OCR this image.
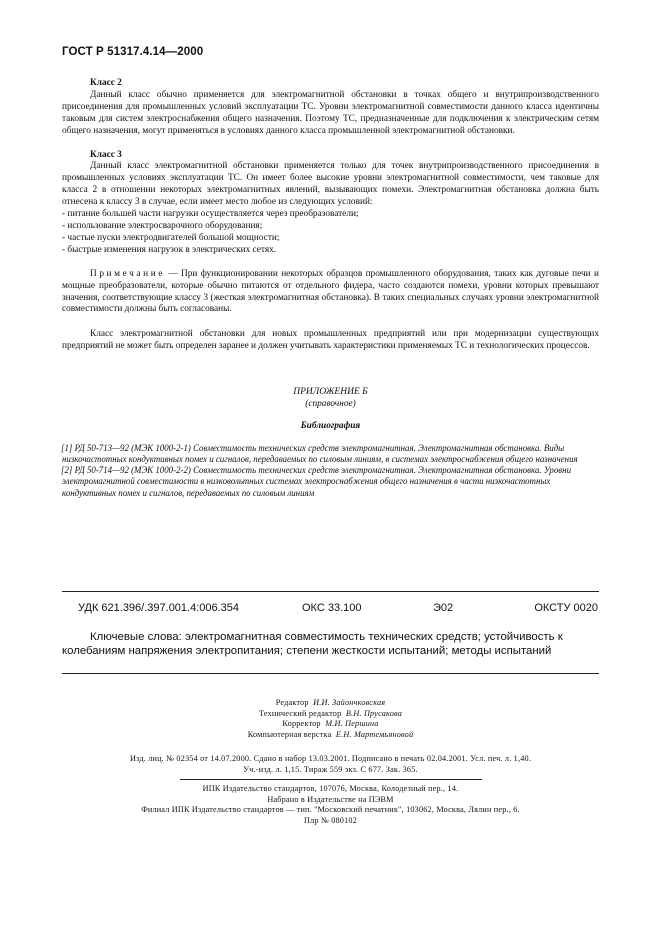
ГОСТ Р 51317.4.14—2000
Класс 2

Данный класс обычно применяется для электромагнитной обстановки в точках общего и внутрипроизводственного присоединения для промышленных условий эксплуатации ТС. Уровни электромагнитной совместимости данного класса идентичны таковым для систем электроснабжения общего назначения. Поэтому ТС, предназначенные для подключения к электрическим сетям общего назначения, могут применяться в условиях данного класса промышленной электромагнитной обстановки.

Класс 3

Данный класс электромагнитной обстановки применяется только для точек внутрипроизводственного присоединения в промышленных условиях эксплуатации ТС. Он имеет более высокие уровни электромагнитной совместимости, чем таковые для класса 2 в отношении некоторых электромагнитных явлений, вызывающих помехи. Электромагнитная обстановка должна быть отнесена к классу 3 в случае, если имеет место любое из следующих условий:

- питание большей части нагрузки осуществляется через преобразователи;
- использование электросварочного оборудования;
- частые пуски электродвигателей большой мощности;
- быстрые изменения нагрузок в электрических сетях.

Примечание — При функционировании некоторых образцов промышленного оборудования, таких как дуговые печи и мощные преобразователи, которые обычно питаются от отдельного фидера, часто создаются помехи, уровни которых превышают значения, соответствующие классу 3 (жесткая электромагнитная обстановка). В таких специальных случаях уровни электромагнитной совместимости должны быть согласованы.

Класс электромагнитной обстановки для новых промышленных предприятий или при модернизации существующих предприятий не может быть определен заранее и должен учитывать характеристики применяемых ТС и технологических процессов.

ПРИЛОЖЕНИЕ Б
(справочное)
Библиография
[1] РД 50-713—92 (МЭК 1000-2-1) Совместимость технических средств электромагнитная. Электромагнитная обстановка. Виды низкочастотных кондуктивных помех и сигналов, передаваемых по силовым линиям, в системах электроснабжения общего назначения
[2] РД 50-714—92 (МЭК 1000-2-2) Совместимость технических средств электромагнитная. Электромагнитная обстановка. Уровни электромагнитной совместимости в низковольтных системах электроснабжения общего назначения в части низкочастотных кондуктивных помех и сигналов, передаваемых по силовым линиям
УДК 621.396/.397.001.4:006.354	ОКС 33.100	Э02	ОКСТУ 0020
Ключевые слова: электромагнитная совместимость технических средств; устойчивость к колебаниям напряжения электропитания; степени жесткости испытаний; методы испытаний
Редактор И.И. Зайончковская
Технический редактор В.Н. Прусакова
Корректор М.И. Першина
Компьютерная верстка Е.Н. Мартемьяновой
Изд. лиц. № 02354 от 14.07.2000. Сдано в набор 13.03.2001. Подписано в печать 02.04.2001. Усл. печ. л. 1,40.
Уч.-изд. л. 1,15. Тираж 559 экз. С 677. Зак. 365.
ИПК Издательство стандартов, 107076, Москва, Колодезный пер., 14.
Набрано в Издательстве на ПЭВМ
Филиал ИПК Издательство стандартов — тип. "Московский печатник", 103062, Москва, Лялин пер., 6.
Плр № 080102
